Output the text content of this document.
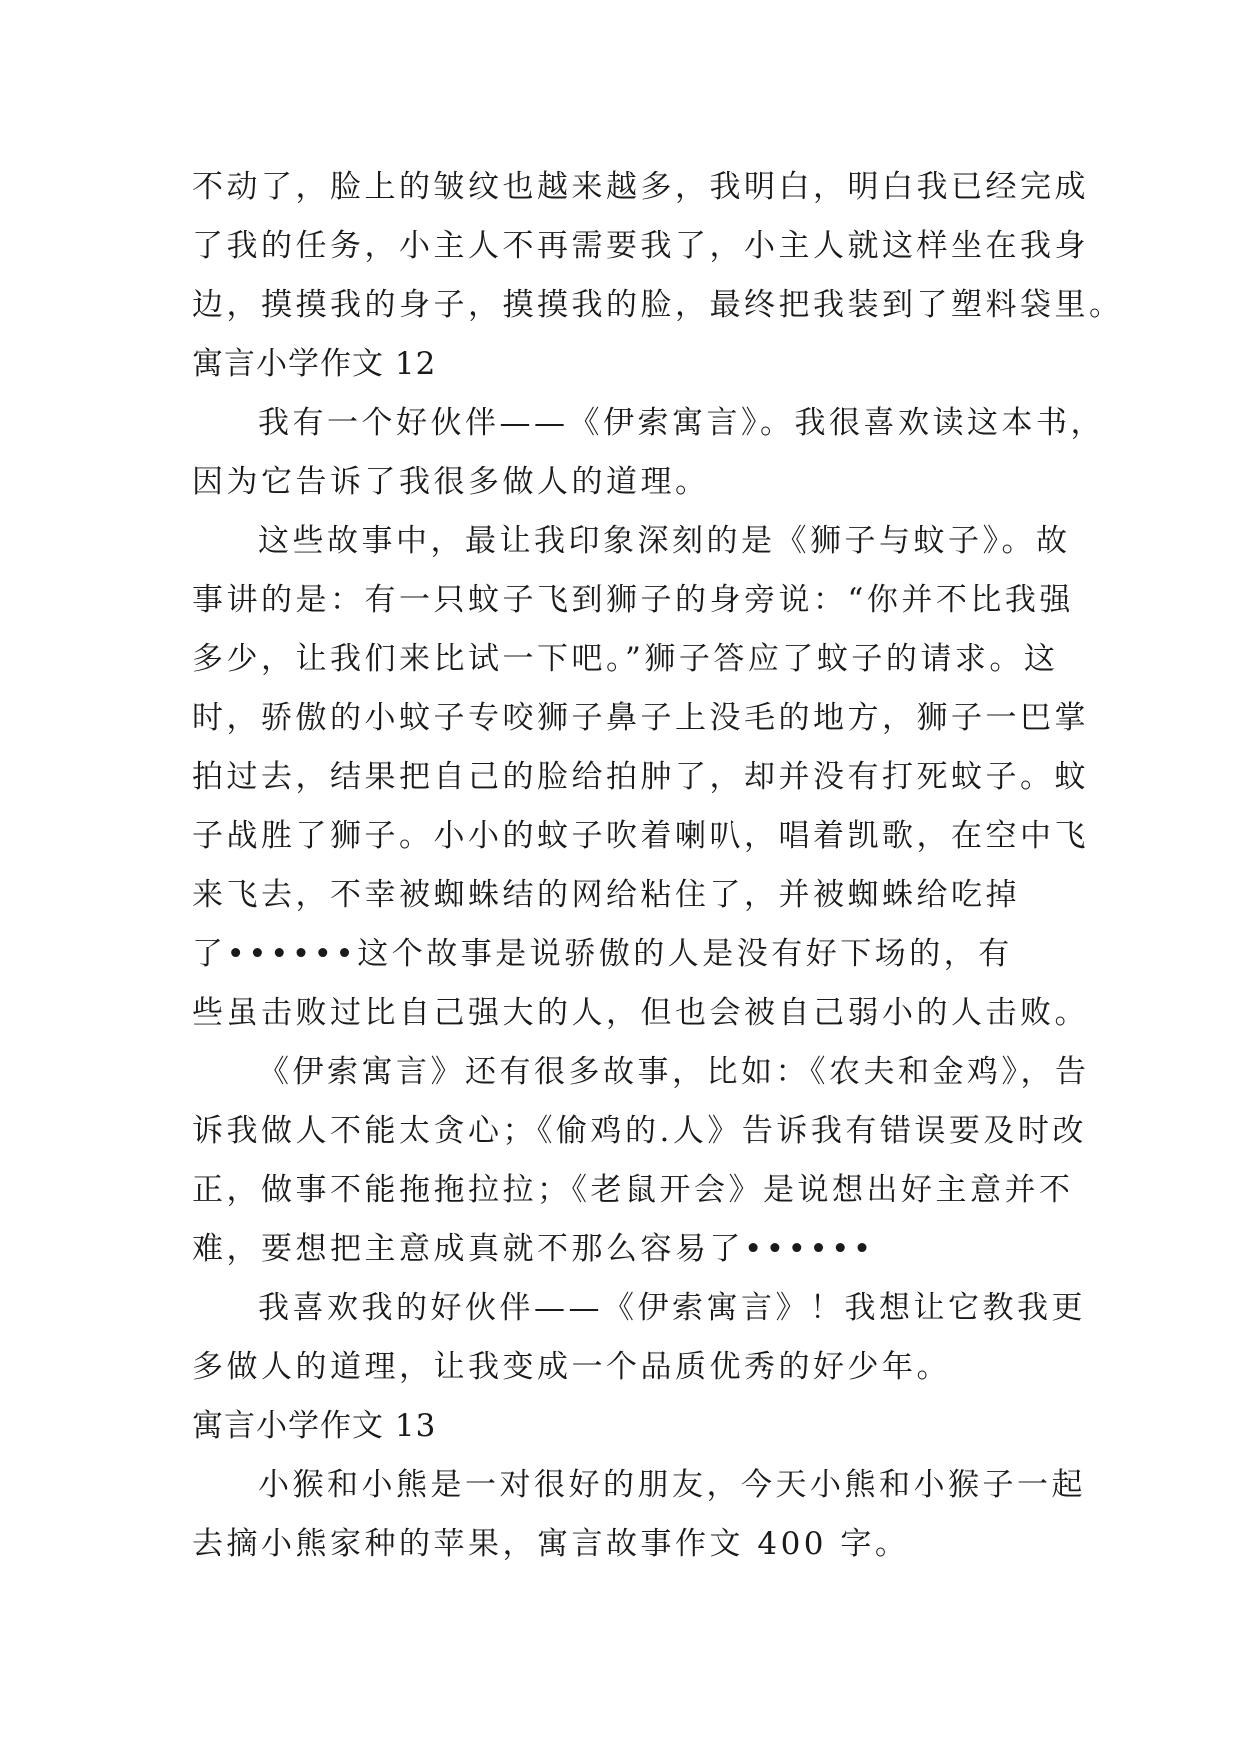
不动了，脸上的皱纹也越来越多，我明白，明白我已经完成
了我的任务，小主人不再需要我了，小主人就这样坐在我身
边，摸摸我的身子，摸摸我的脸，最终把我装到了塑料袋里。
寓言小学作文 12
我有一个好伙伴——《伊索寓言》。我很喜欢读这本书，
因为它告诉了我很多做人的道理。
这些故事中，最让我印象深刻的是《狮子与蚊子》。故
事讲的是：有一只蚊子飞到狮子的身旁说：“你并不比我强
多少，让我们来比试一下吧。”狮子答应了蚊子的请求。这
时，骄傲的小蚊子专咬狮子鼻子上没毛的地方，狮子一巴掌
拍过去，结果把自己的脸给拍肿了，却并没有打死蚊子。蚊
子战胜了狮子。小小的蚊子吹着喇叭，唱着凯歌，在空中飞
来飞去，不幸被蜘蛛结的网给粘住了，并被蜘蛛给吃掉
了••••••这个故事是说骄傲的人是没有好下场的，有
些虽击败过比自己强大的人，但也会被自己弱小的人击败。
《伊索寓言》还有很多故事，比如：《农夫和金鸡》，告
诉我做人不能太贪心；《偷鸡的.人》告诉我有错误要及时改
正，做事不能拖拖拉拉；《老鼠开会》是说想出好主意并不
难，要想把主意成真就不那么容易了••••••
我喜欢我的好伙伴——《伊索寓言》！我想让它教我更
多做人的道理，让我变成一个品质优秀的好少年。
寓言小学作文 13
小猴和小熊是一对很好的朋友，今天小熊和小猴子一起
去摘小熊家种的苹果，寓言故事作文 400 字。
